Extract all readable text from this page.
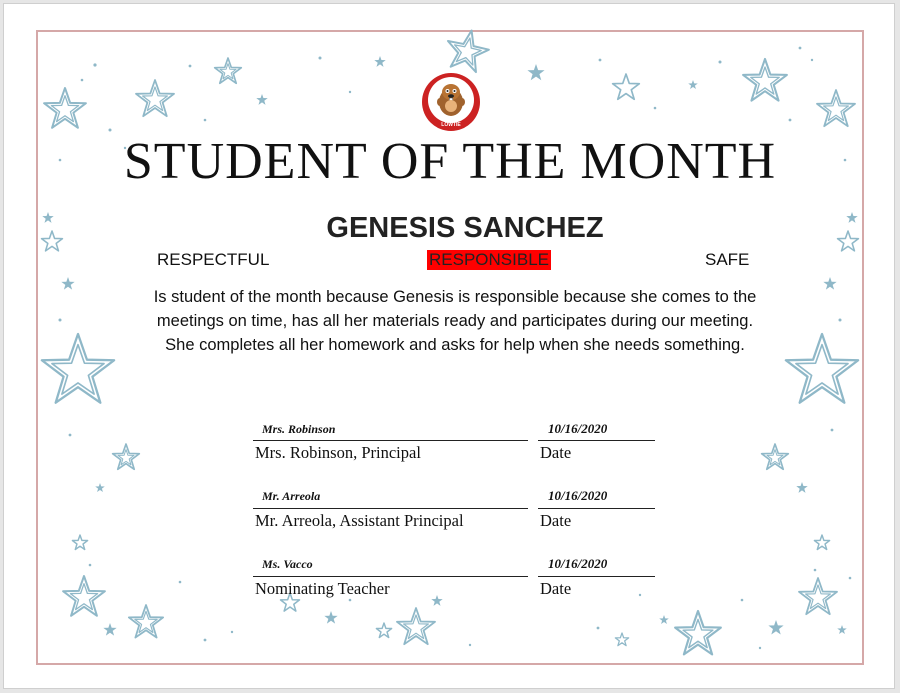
LOWTIE
STUDENT OF THE MONTH
GENESIS SANCHEZ
RESPECTFUL	RESPONSIBLE	SAFE
Is student of the month because Genesis is responsible because she comes to the meetings on time, has all her materials ready and participates during our meeting. She completes all her homework and asks for help when she needs something.
Mrs. Robinson
Mrs. Robinson, Principal
10/16/2020
Date
Mr. Arreola
Mr. Arreola, Assistant Principal
10/16/2020
Date
Ms. Vacco
Nominating Teacher
10/16/2020
Date
